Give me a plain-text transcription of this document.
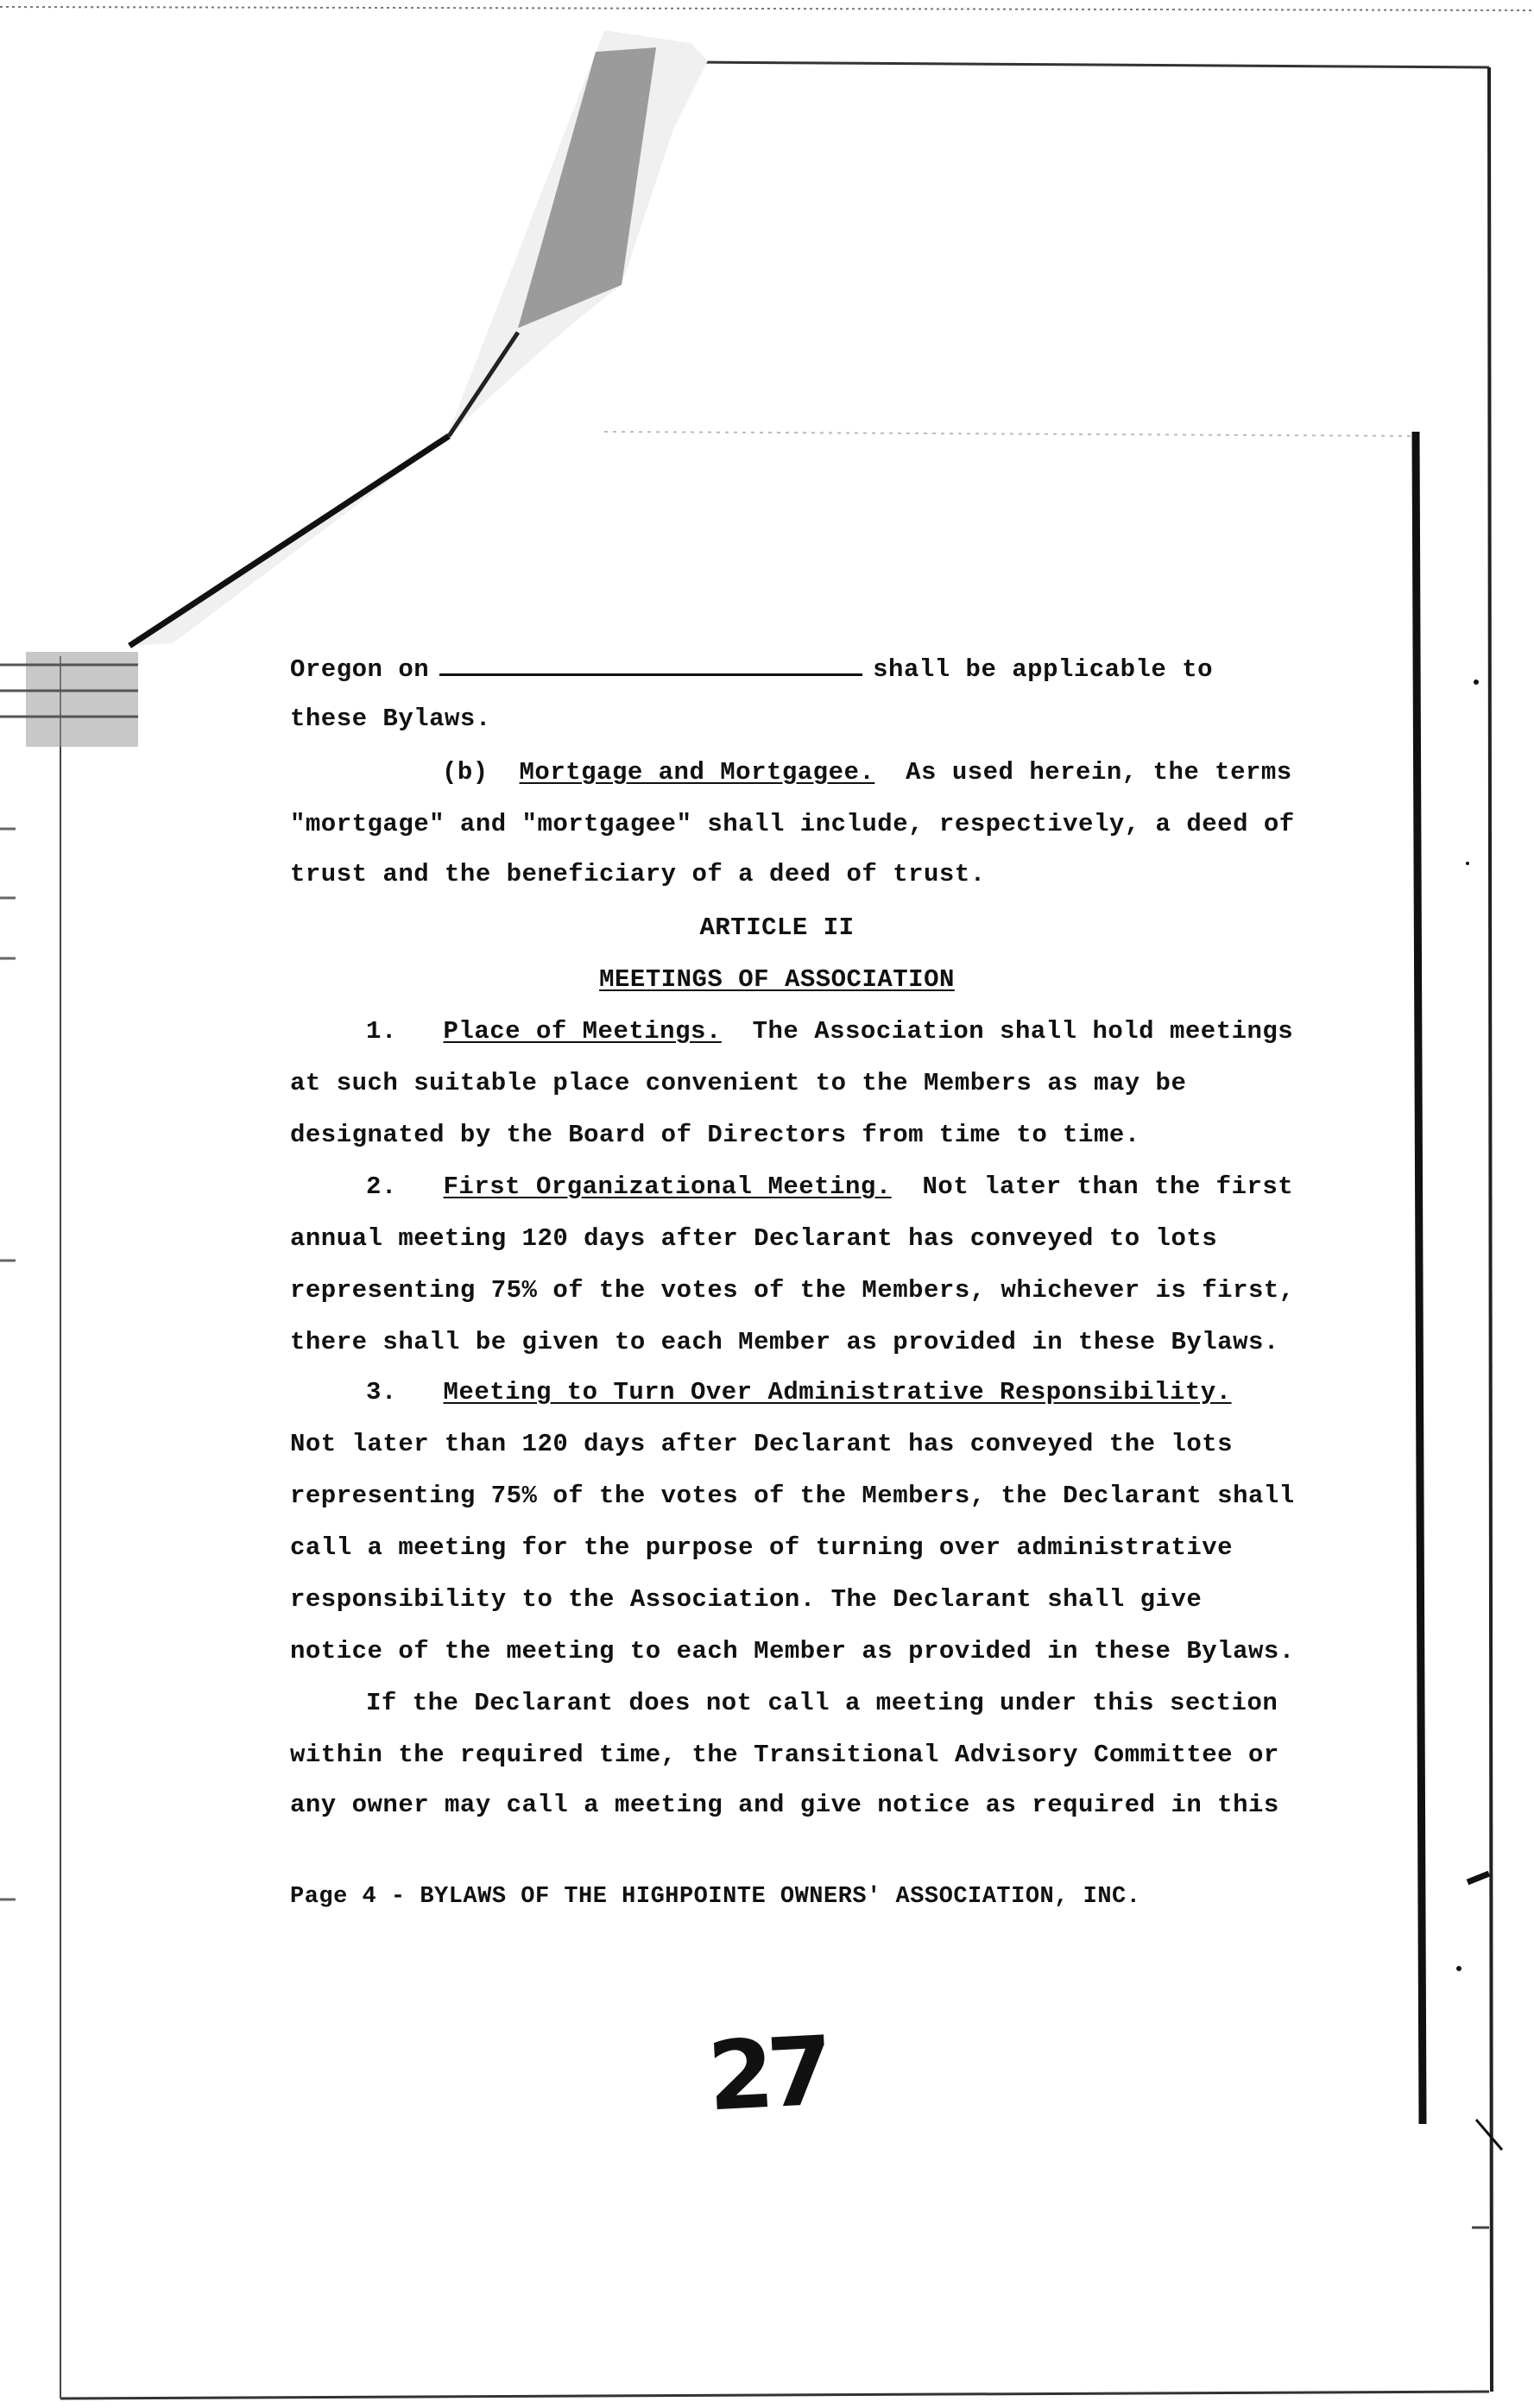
Oregon on	shall be applicable to
these Bylaws.
(b) Mortgage and Mortgagee. As used herein, the terms
"mortgage" and "mortgagee" shall include, respectively, a deed of
trust and the beneficiary of a deed of trust.
ARTICLE II
MEETINGS OF ASSOCIATION
1. Place of Meetings. The Association shall hold meetings
at such suitable place convenient to the Members as may be
designated by the Board of Directors from time to time.
2. First Organizational Meeting. Not later than the first
annual meeting 120 days after Declarant has conveyed to lots
representing 75% of the votes of the Members, whichever is first,
there shall be given to each Member as provided in these Bylaws.
3. Meeting to Turn Over Administrative Responsibility.
Not later than 120 days after Declarant has conveyed the lots
representing 75% of the votes of the Members, the Declarant shall
call a meeting for the purpose of turning over administrative
responsibility to the Association. The Declarant shall give
notice of the meeting to each Member as provided in these Bylaws.
If the Declarant does not call a meeting under this section
within the required time, the Transitional Advisory Committee or
any owner may call a meeting and give notice as required in this
Page 4 - BYLAWS OF THE HIGHPOINTE OWNERS' ASSOCIATION, INC.
27
